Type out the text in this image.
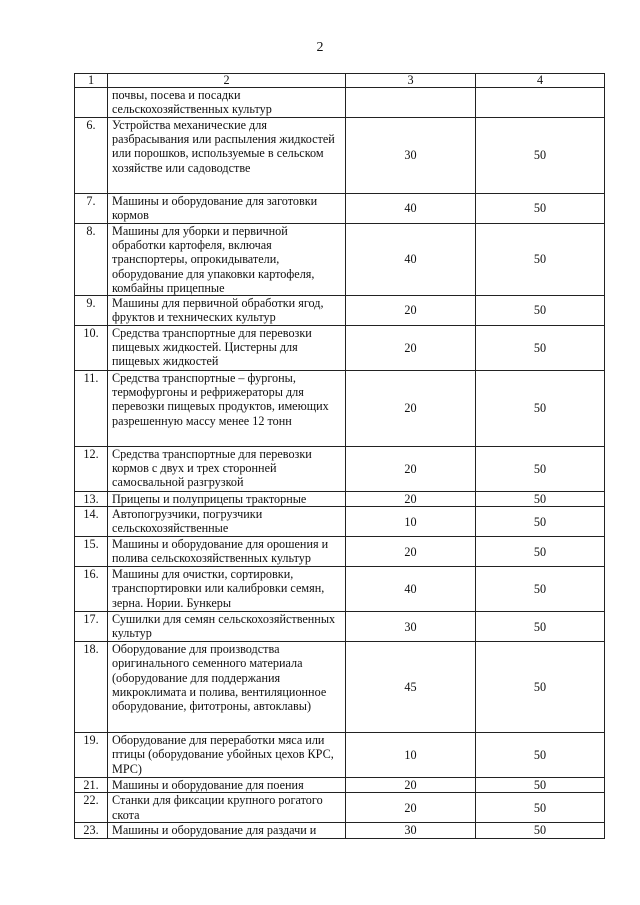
2
1	2	3	4
	почвы, посева и посадки сельскохозяйственных культур		
6.	Устройства механические для разбрасывания или распыления жидкостей или порошков, используемые в сельском хозяйстве или садоводстве	30	50
7.	Машины и оборудование для заготовки кормов	40	50
8.	Машины для уборки и первичной обработки картофеля, включая транспортеры, опрокидыватели, оборудование для упаковки картофеля, комбайны прицепные	40	50
9.	Машины для первичной обработки ягод, фруктов и технических культур	20	50
10.	Средства транспортные для перевозки пищевых жидкостей. Цистерны для пищевых жидкостей	20	50
11.	Средства транспортные – фургоны, термофургоны и рефрижераторы для перевозки пищевых продуктов, имеющих разрешенную массу менее 12 тонн	20	50
12.	Средства транспортные для перевозки кормов с двух и трех сторонней самосвальной разгрузкой	20	50
13.	Прицепы и полуприцепы тракторные	20	50
14.	Автопогрузчики, погрузчики сельскохозяйственные	10	50
15.	Машины и оборудование для орошения и полива сельскохозяйственных культур	20	50
16.	Машины для очистки, сортировки, транспортировки или калибровки семян, зерна. Нории. Бункеры	40	50
17.	Сушилки для семян сельскохозяйственных культур	30	50
18.	Оборудование для производства оригинального семенного материала (оборудование для поддержания микроклимата и полива, вентиляционное оборудование, фитотроны, автоклавы)	45	50
19.	Оборудование для переработки мяса или птицы (оборудование убойных цехов КРС, МРС)	10	50
21.	Машины и оборудование для поения	20	50
22.	Станки для фиксации крупного рогатого скота	20	50
23.	Машины и оборудование для раздачи и	30	50
